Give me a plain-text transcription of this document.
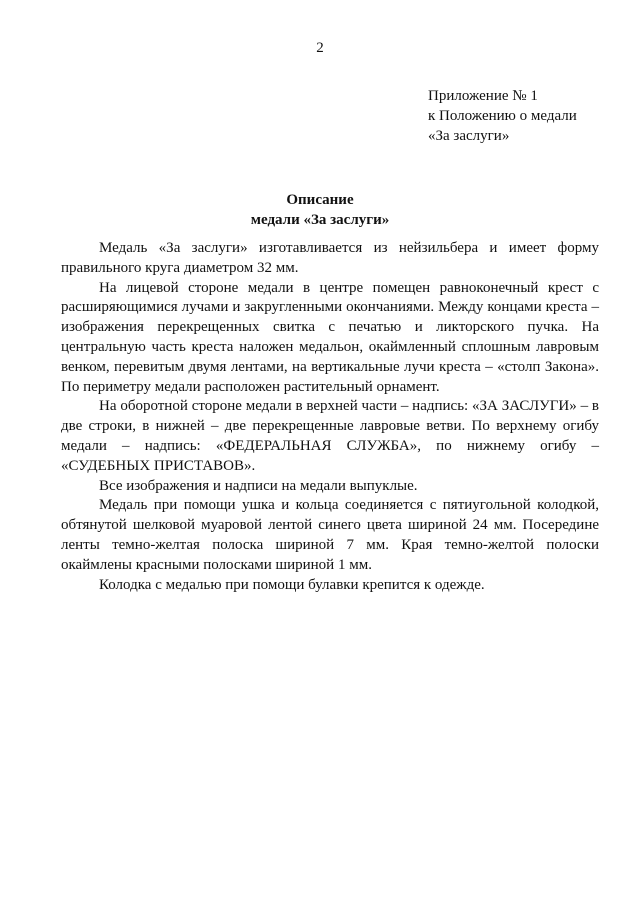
2
Приложение № 1
к Положению о медали
«За заслуги»
Описание
медали «За заслуги»

Медаль «За заслуги» изготавливается из нейзильбера и имеет форму правильного круга диаметром 32 мм.

На лицевой стороне медали в центре помещен равноконечный крест с расширяющимися лучами и закругленными окончаниями. Между концами креста – изображения перекрещенных свитка с печатью и ликторского пучка. На центральную часть креста наложен медальон, окаймленный сплошным лавровым венком, перевитым двумя лентами, на вертикальные лучи креста – «столп Закона». По периметру медали расположен растительный орнамент.

На оборотной стороне медали в верхней части – надпись: «ЗА ЗАСЛУГИ» – в две строки, в нижней – две перекрещенные лавровые ветви. По верхнему огибу медали – надпись: «ФЕДЕРАЛЬНАЯ СЛУЖБА», по нижнему огибу – «СУДЕБНЫХ ПРИСТАВОВ».

Все изображения и надписи на медали выпуклые.

Медаль при помощи ушка и кольца соединяется с пятиугольной колодкой, обтянутой шелковой муаровой лентой синего цвета шириной 24 мм. Посередине ленты темно-желтая полоска шириной 7 мм. Края темно-желтой полоски окаймлены красными полосками шириной 1 мм.

Колодка с медалью при помощи булавки крепится к одежде.
